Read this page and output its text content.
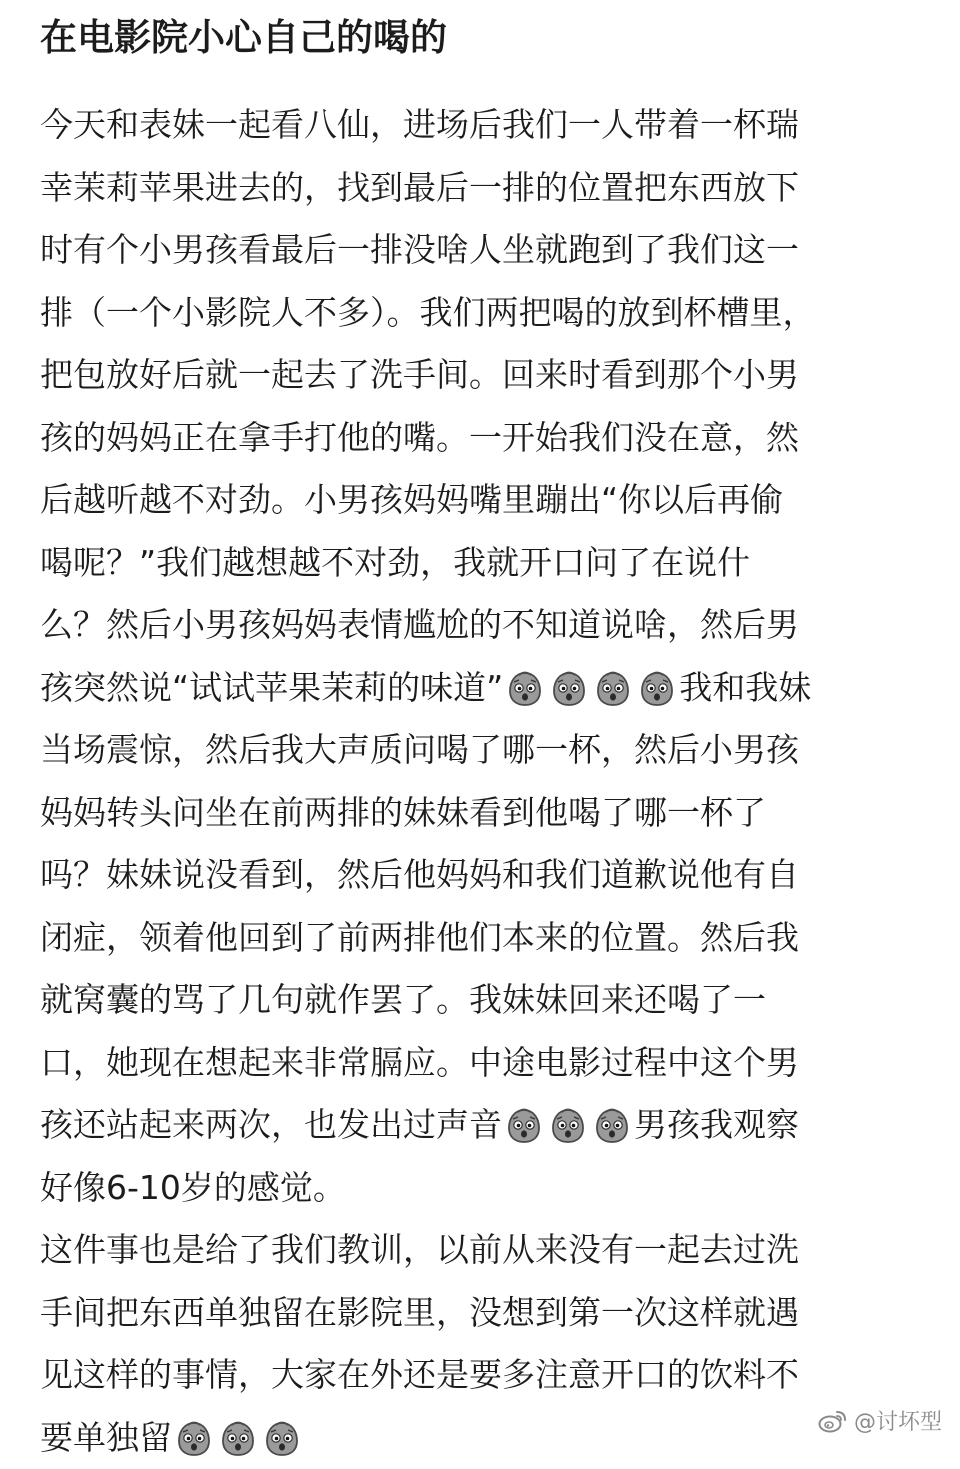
在电影院小心自己的喝的
今天和表妹一起看八仙，进场后我们一人带着一杯瑞
幸茉莉苹果进去的，找到最后一排的位置把东西放下
时有个小男孩看最后一排没啥人坐就跑到了我们这一
排（一个小影院人不多）。我们两把喝的放到杯槽里，
把包放好后就一起去了洗手间。回来时看到那个小男
孩的妈妈正在拿手打他的嘴。一开始我们没在意，然
后越听越不对劲。小男孩妈妈嘴里蹦出“你以后再偷
喝呢？”我们越想越不对劲，我就开口问了在说什
么？然后小男孩妈妈表情尴尬的不知道说啥，然后男
孩突然说“试试苹果茉莉的味道”	我和我妹
当场震惊，然后我大声质问喝了哪一杯，然后小男孩
妈妈转头问坐在前两排的妹妹看到他喝了哪一杯了
吗？妹妹说没看到，然后他妈妈和我们道歉说他有自
闭症，领着他回到了前两排他们本来的位置。然后我
就窝囊的骂了几句就作罢了。我妹妹回来还喝了一
口，她现在想起来非常膈应。中途电影过程中这个男
孩还站起来两次，也发出过声音	男孩我观察
好像6-10岁的感觉。
这件事也是给了我们教训，以前从来没有一起去过洗
手间把东西单独留在影院里，没想到第一次这样就遇
见这样的事情，大家在外还是要多注意开口的饮料不
要单独留	@讨坏型
